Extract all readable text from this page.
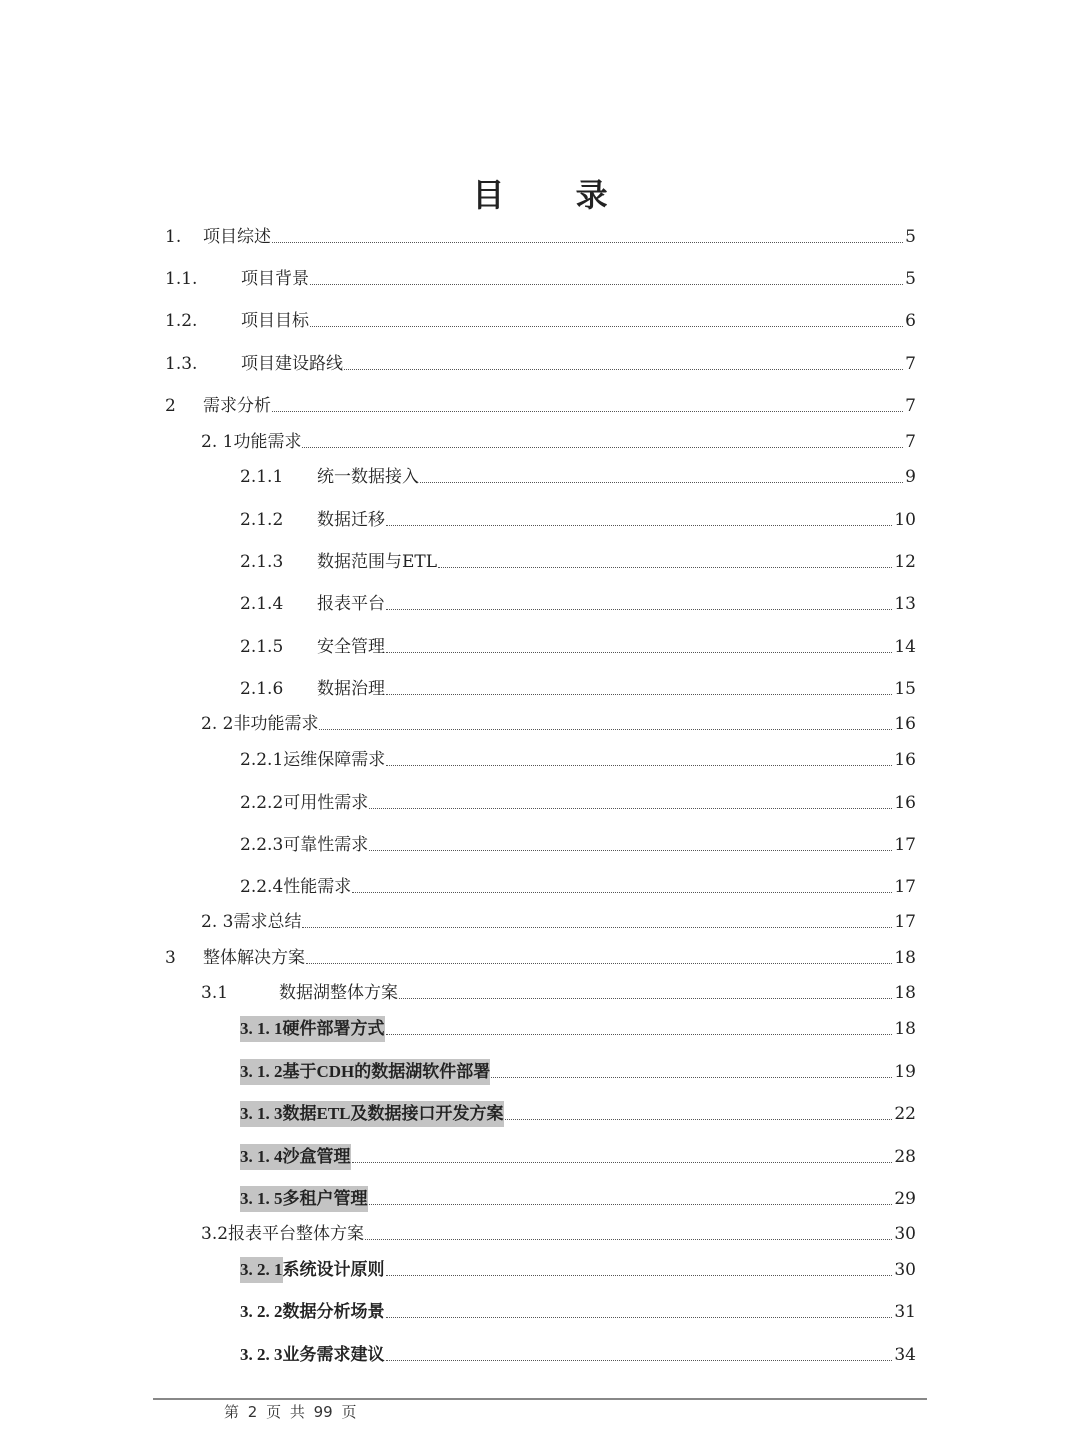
目 录
1. 项目综述	5
1.1.	项目背景	5
1.2.	项目目标	6
1.3.	项目建设路线	7
2 需求分析	7
2. 1功能需求	7
2.1.1 统一数据接入	9
2.1.2 数据迁移	10
2.1.3 数据范围与ETL	12
2.1.4 报表平台	13
2.1.5 安全管理	14
2.1.6 数据治理	15
2. 2非功能需求	16
2.2.1运维保障需求	16
2.2.2可用性需求	16
2.2.3可靠性需求	17
2.2.4性能需求	17
2. 3需求总结	17
3 整体解决方案	18
3.1	数据湖整体方案	18
3. 1. 1硬件部署方式	18
3. 1. 2基于CDH的数据湖软件部署	19
3. 1. 3数据ETL及数据接口开发方案	22
3. 1. 4沙盒管理	28
3. 1. 5多租户管理	29
3.2报表平台整体方案	30
3. 2. 1系统设计原则	30
3. 2. 2数据分析场景	31
3. 2. 3业务需求建议	34
第 2 页 共 99 页
